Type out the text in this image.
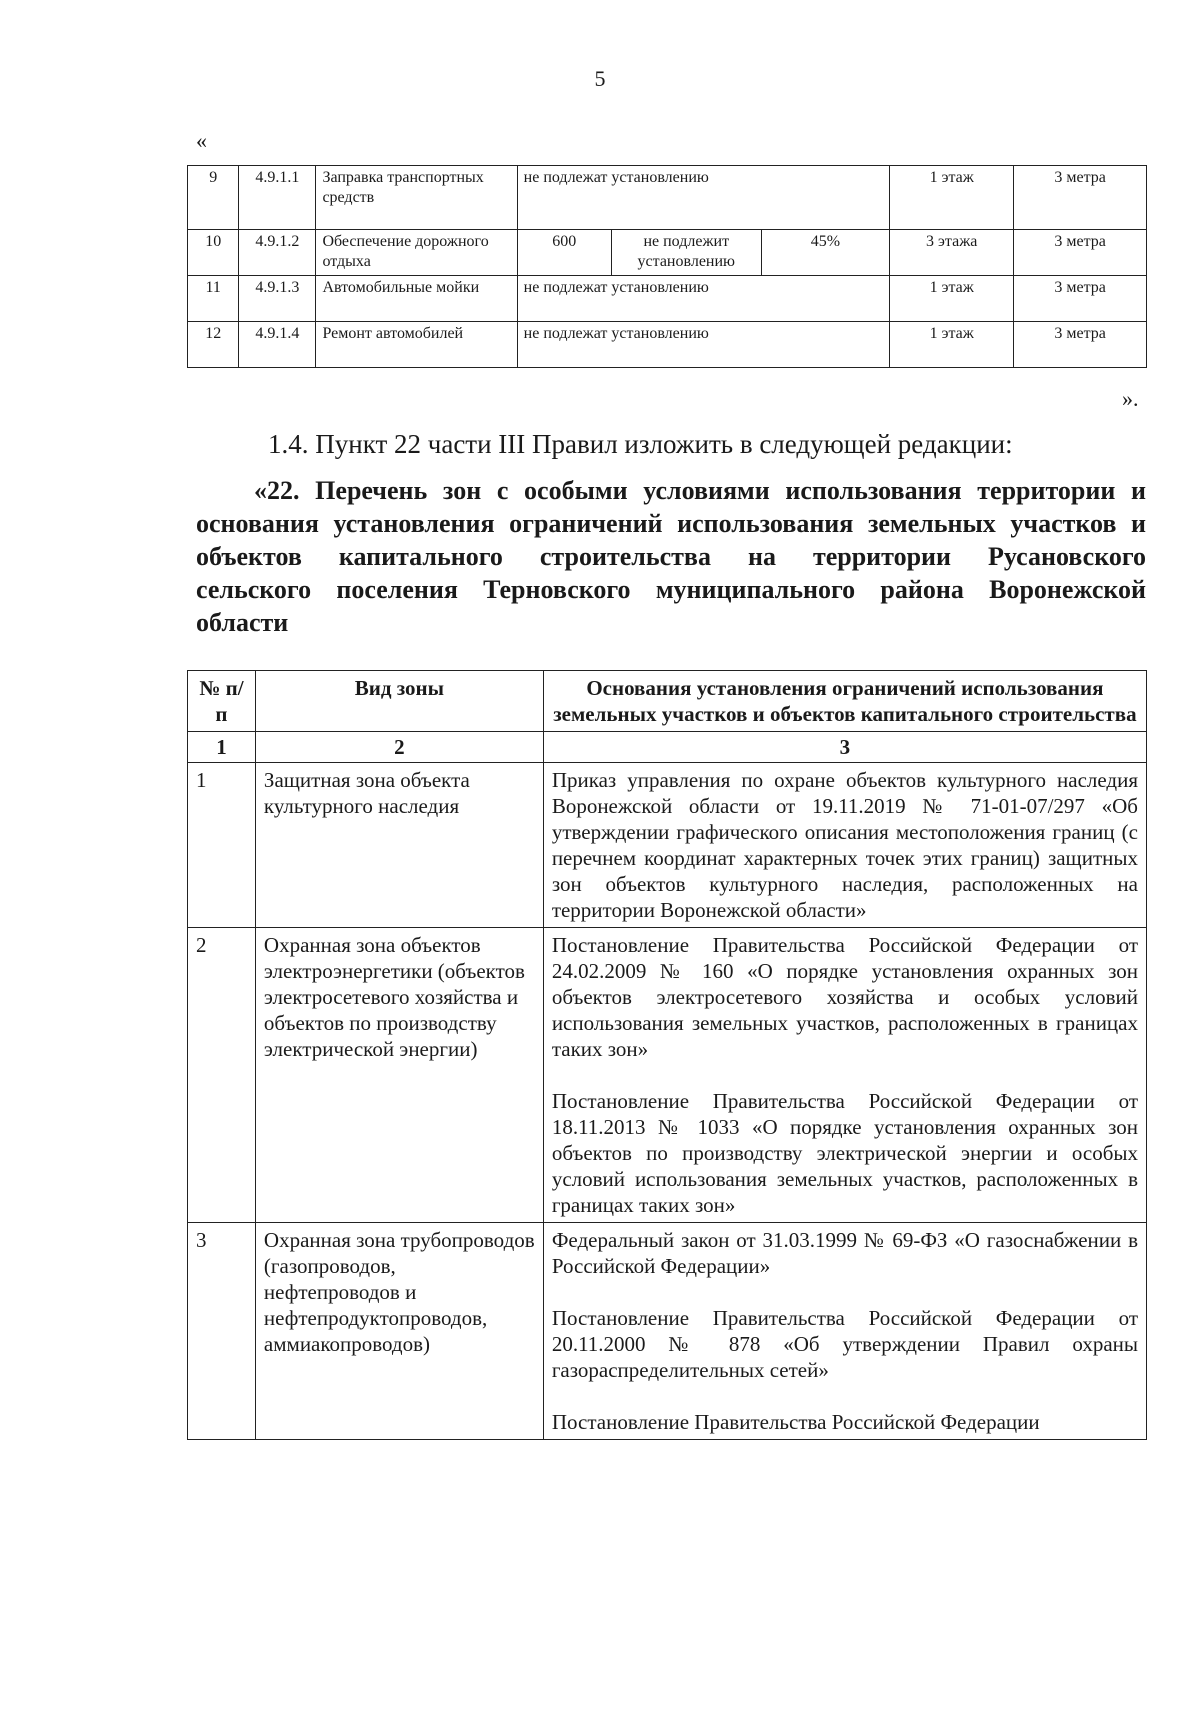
5
«
9	4.9.1.1	Заправка транспортных средств	не подлежат установлению			1 этаж	3 метра
10	4.9.1.2	Обеспечение дорожного отдыха	600	не подлежит установлению	45%	3 этажа	3 метра
11	4.9.1.3	Автомобильные мойки	не подлежат установлению			1 этаж	3 метра
12	4.9.1.4	Ремонт автомобилей	не подлежат установлению			1 этаж	3 метра
».
1.4. Пункт 22 части III Правил изложить в следующей редакции:
«22. Перечень зон с особыми условиями использования территории и основания установления ограничений использования земельных участков и объектов капитального строительства на территории Русановского сельского поселения Терновского муниципального района Воронежской области
№ п/п	Вид зоны	Основания установления ограничений использования земельных участков и объектов капитального строительства
1	2	3
1	Защитная зона объекта культурного наследия	Приказ управления по охране объектов культурного наследия Воронежской области от 19.11.2019 № 71-01-07/297 «Об утверждении графического описания местоположения границ (с перечнем координат характерных точек этих границ) защитных зон объектов культурного наследия, расположенных на территории Воронежской области»

2	Охранная зона объектов электроэнергетики (объектов электросетевого хозяйства и объектов по производству электрической энергии)	Постановление Правительства Российской Федерации от 24.02.2009 № 160 «О порядке установления охранных зон объектов электросетевого хозяйства и особых условий использования земельных участков, расположенных в границах таких зон»

Постановление Правительства Российской Федерации от 18.11.2013 № 1033 «О порядке установления охранных зон объектов по производству электрической энергии и особых условий использования земельных участков, расположенных в границах таких зон»

3	Охранная зона трубопроводов (газопроводов, нефтепроводов и нефтепродуктопроводов, аммиакопроводов)	Федеральный закон от 31.03.1999 № 69-ФЗ «О газоснабжении в Российской Федерации»

Постановление Правительства Российской Федерации от 20.11.2000 № 878 «Об утверждении Правил охраны газораспределительных сетей»

Постановление Правительства Российской Федерации
